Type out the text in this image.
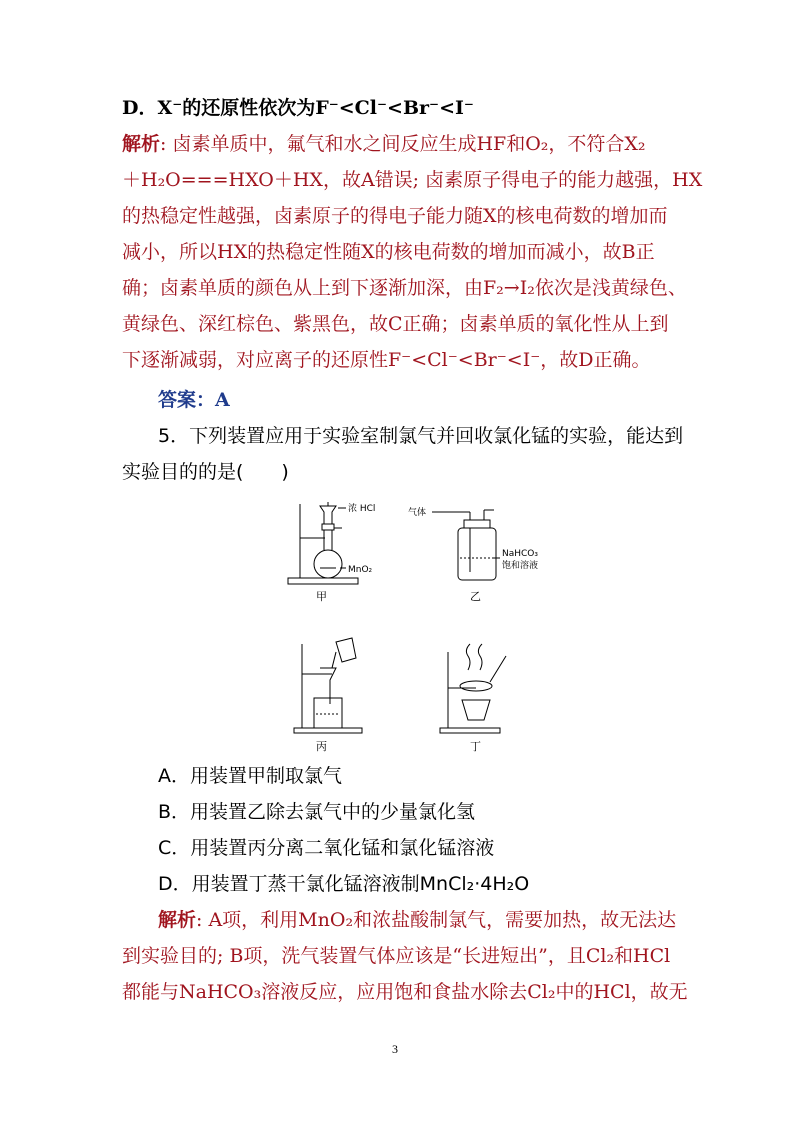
D．X⁻的还原性依次为F⁻<Cl⁻<Br⁻<I⁻
解析: 卤素单质中，氟气和水之间反应生成HF和O₂，不符合X₂
＋H₂O===HXO＋HX，故A错误; 卤素原子得电子的能力越强，HX
的热稳定性越强，卤素原子的得电子能力随X的核电荷数的增加而
减小，所以HX的热稳定性随X的核电荷数的增加而减小，故B正
确；卤素单质的颜色从上到下逐渐加深，由F₂→I₂依次是浅黄绿色、
黄绿色、深红棕色、紫黑色，故C正确；卤素单质的氧化性从上到
下逐渐减弱，对应离子的还原性F⁻<Cl⁻<Br⁻<I⁻，故D正确。
答案：A
5．下列装置应用于实验室制氯气并回收氯化锰的实验，能达到
实验目的的是(　　)
浓 HCl
MnO₂
甲
气体
NaHCO₃
饱和溶液
乙
丙	丁
A．用装置甲制取氯气
B．用装置乙除去氯气中的少量氯化氢
C．用装置丙分离二氧化锰和氯化锰溶液
D．用装置丁蒸干氯化锰溶液制MnCl₂·4H₂O
解析: A项，利用MnO₂和浓盐酸制氯气，需要加热，故无法达
到实验目的; B项，洗气装置气体应该是“长进短出”，且Cl₂和HCl
都能与NaHCO₃溶液反应，应用饱和食盐水除去Cl₂中的HCl，故无
3
